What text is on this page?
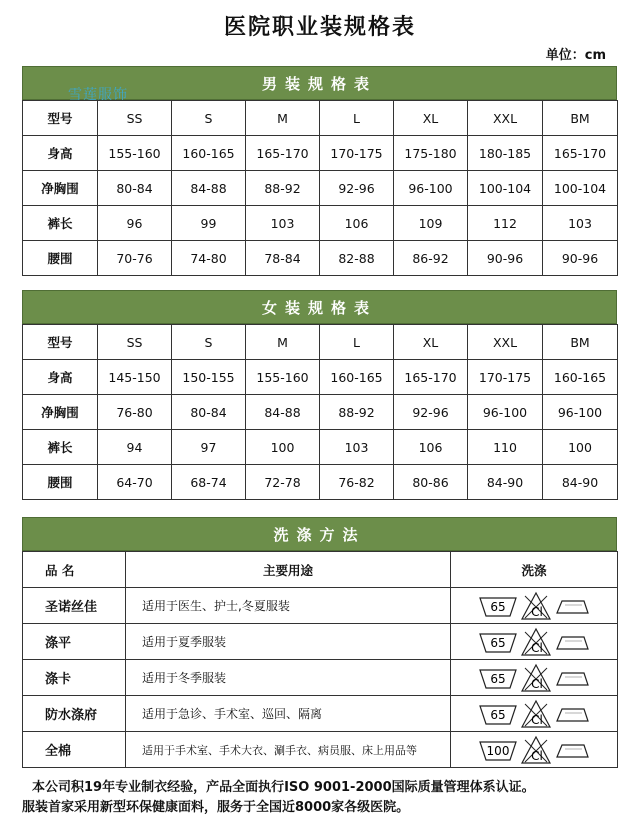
医院职业装规格表
单位：cm
男装规格表
雪莲服饰
型号	SS	S	M	L	XL	XXL	BM
身高	155-160	160-165	165-170	170-175	175-180	180-185	165-170
净胸围	80-84	84-88	88-92	92-96	96-100	100-104	100-104
裤长	96	99	103	106	109	112	103
腰围	70-76	74-80	78-84	82-88	86-92	90-96	90-96
女装规格表
型号	SS	S	M	L	XL	XXL	BM
身高	145-150	150-155	155-160	160-165	165-170	170-175	160-165
净胸围	76-80	80-84	84-88	88-92	92-96	96-100	96-100
裤长	94	97	100	103	106	110	100
腰围	64-70	68-74	72-78	76-82	80-86	84-90	84-90
洗涤方法
品 名	主要用途	洗涤
圣诺丝佳	适用于医生、护士,冬夏服装	65 Cl

涤平	适用于夏季服装	65 Cl

涤卡	适用于冬季服装	65 Cl

防水涤府	适用于急诊、手术室、巡回、隔离	65 Cl

全棉	适用于手术室、手术大衣、涮手衣、病员服、床上用品等	100 Cl
本公司积19年专业制衣经验，产品全面执行ISO 9001-2000国际质量管理体系认证。
服装首家采用新型环保健康面料，服务于全国近8000家各级医院。
